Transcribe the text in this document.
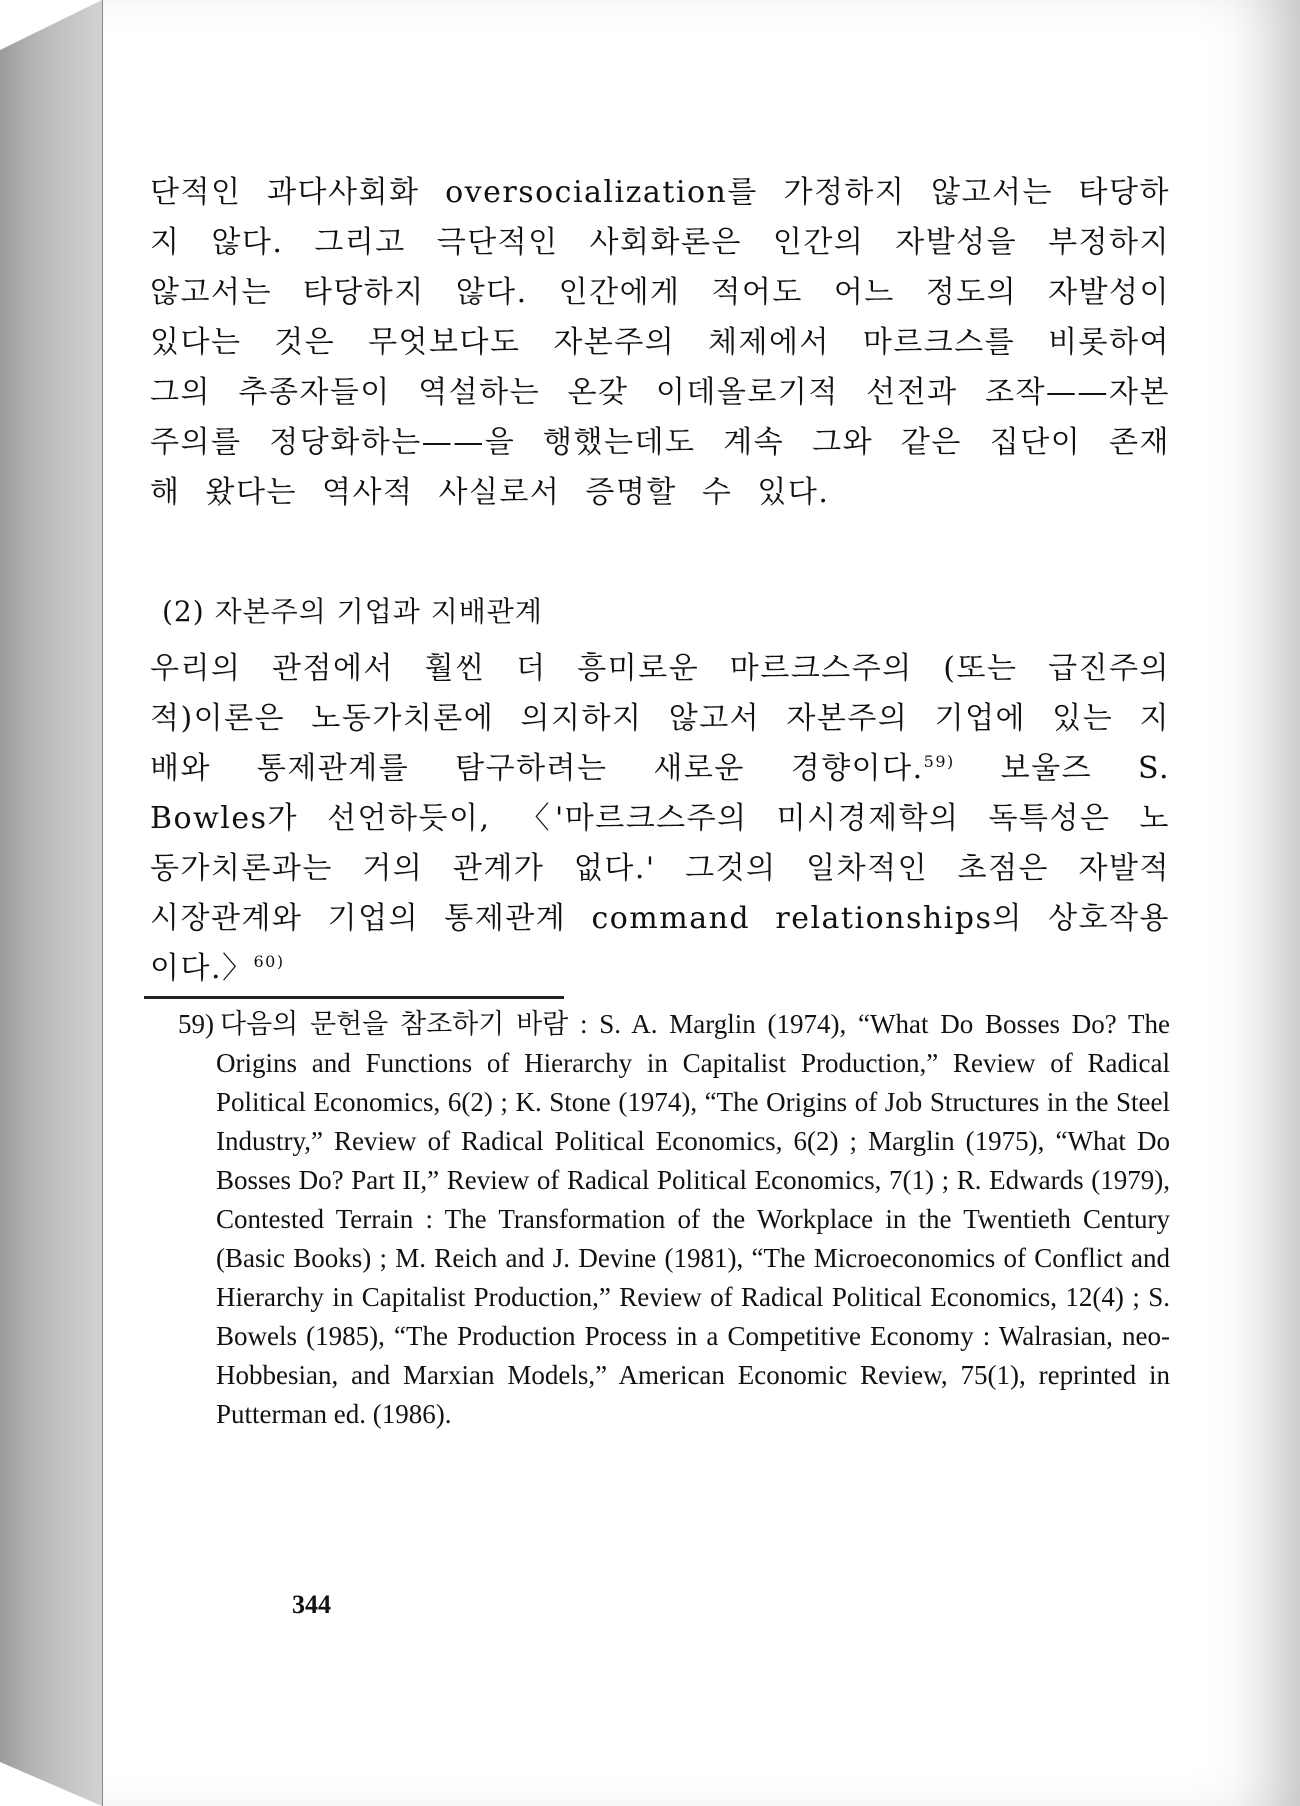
단적인 과다사회화 oversocialization를 가정하지 않고서는 타당하지 않다. 그리고 극단적인 사회화론은 인간의 자발성을 부정하지 않고서는 타당하지 않다. 인간에게 적어도 어느 정도의 자발성이 있다는 것은 무엇보다도 자본주의 체제에서 마르크스를 비롯하여 그의 추종자들이 역설하는 온갖 이데올로기적 선전과 조작——자본주의를 정당화하는——을 행했는데도 계속 그와 같은 집단이 존재해 왔다는 역사적 사실로서 증명할 수 있다.

(2) 자본주의 기업과 지배관계

우리의 관점에서 훨씬 더 흥미로운 마르크스주의 (또는 급진주의적)이론은 노동가치론에 의지하지 않고서 자본주의 기업에 있는 지배와 통제관계를 탐구하려는 새로운 경향이다.$^{59)}$ 보울즈 S. Bowles가 선언하듯이, 〈'마르크스주의 미시경제학의 독특성은 노동가치론과는 거의 관계가 없다.' 그것의 일차적인 초점은 자발적 시장관계와 기업의 통제관계 command relationships의 상호작용이다.〉$^{60)}$

59) 다음의 문헌을 참조하기 바람 : S. A. Marglin (1974), “What Do Bosses Do? The Origins and Functions of Hierarchy in Capitalist Production,” Review of Radical Political Economics, 6(2) ; K. Stone (1974), “The Origins of Job Structures in the Steel Industry,” Review of Radical Political Economics, 6(2) ; Marglin (1975), “What Do Bosses Do? Part II,” Review of Radical Political Economics, 7(1) ; R. Edwards (1979), Contested Terrain : The Transformation of the Workplace in the Twentieth Century (Basic Books) ; M. Reich and J. Devine (1981), “The Microeconomics of Conflict and Hierarchy in Capitalist Production,” Review of Radical Political Economics, 12(4) ; S. Bowels (1985), “The Production Process in a Competitive Economy : Walrasian, neo-Hobbesian, and Marxian Models,” American Economic Review, 75(1), reprinted in Putterman ed. (1986).
344
